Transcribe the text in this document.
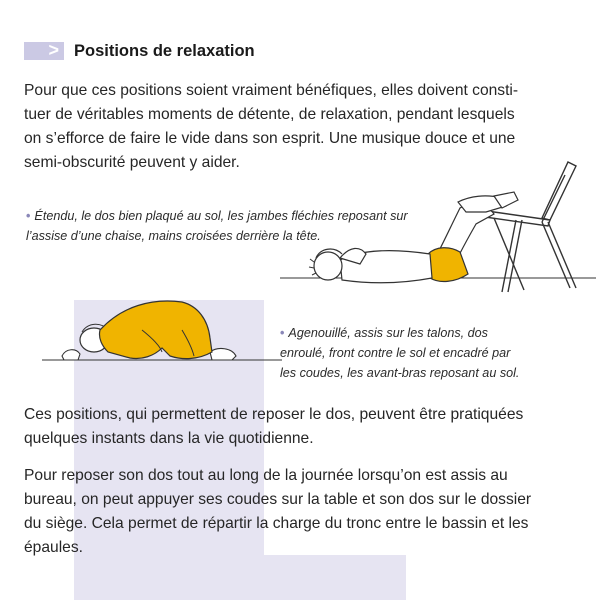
> Positions de relaxation

Pour que ces positions soient vraiment bénéfiques, elles doivent consti-
tuer de véritables moments de détente, de relaxation, pendant lesquels
on s’efforce de faire le vide dans son esprit. Une musique douce et une
semi-obscurité peuvent y aider.

• Étendu, le dos bien plaqué au sol, les jambes fléchies reposant sur
l’assise d’une chaise, mains croisées derrière la tête.

• Agenouillé, assis sur les talons, dos
enroulé, front contre le sol et encadré par
les coudes, les avant-bras reposant au sol.

Ces positions, qui permettent de reposer le dos, peuvent être pratiquées
quelques instants dans la vie quotidienne.

Pour reposer son dos tout au long de la journée lorsqu’on est assis au
bureau, on peut appuyer ses coudes sur la table et son dos sur le dossier
du siège. Cela permet de répartir la charge du tronc entre le bassin et les
épaules.
